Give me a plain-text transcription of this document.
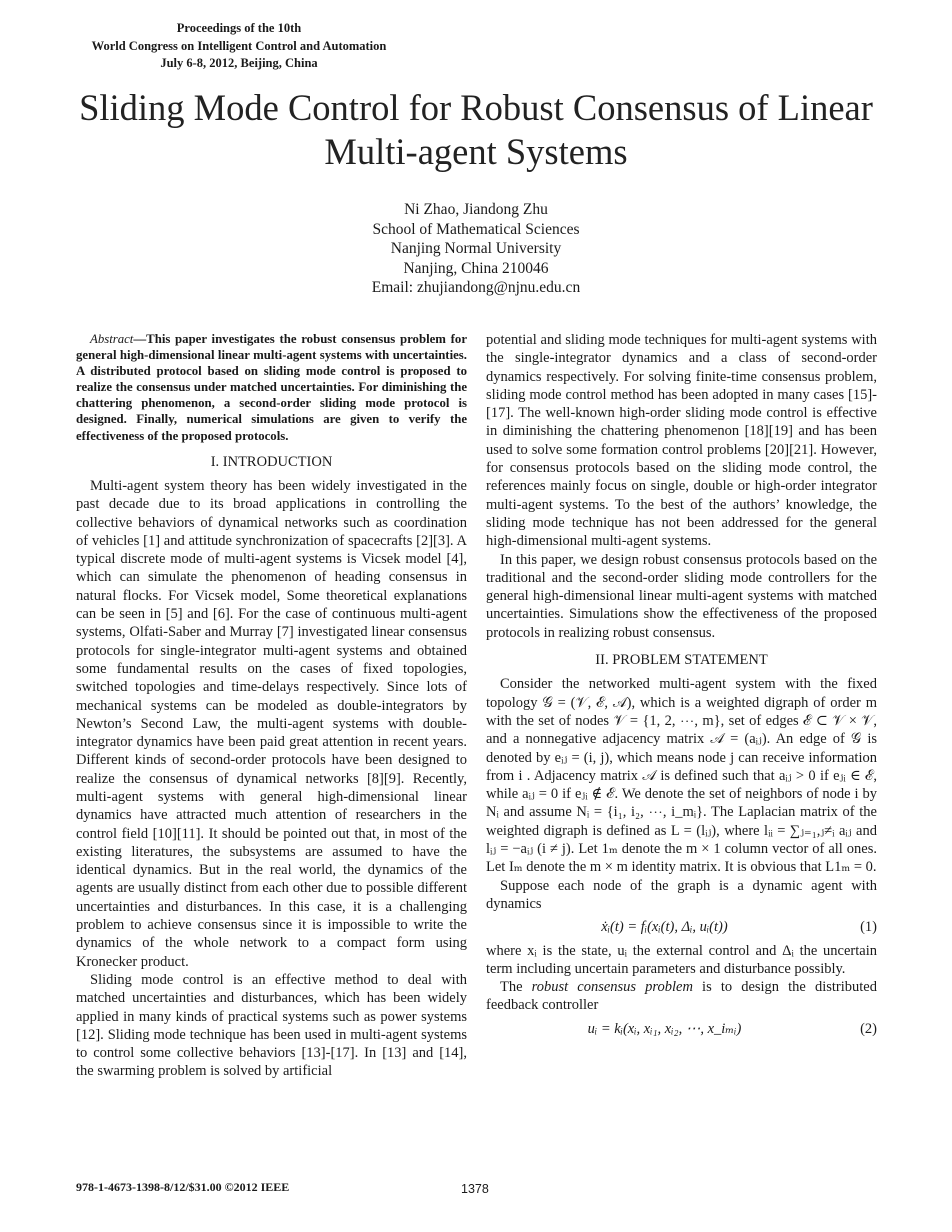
Proceedings of the 10th
World Congress on Intelligent Control and Automation
July 6-8, 2012, Beijing, China
Sliding Mode Control for Robust Consensus of Linear Multi-agent Systems
Ni Zhao, Jiandong Zhu
School of Mathematical Sciences
Nanjing Normal University
Nanjing, China 210046
Email: zhujiandong@njnu.edu.cn

Abstract—This paper investigates the robust consensus problem for general high-dimensional linear multi-agent systems with uncertainties. A distributed protocol based on sliding mode control is proposed to realize the consensus under matched uncertainties. For diminishing the chattering phenomenon, a second-order sliding mode protocol is designed. Finally, numerical simulations are given to verify the effectiveness of the proposed protocols.

I. INTRODUCTION

Multi-agent system theory has been widely investigated in the past decade due to its broad applications in controlling the collective behaviors of dynamical networks such as coordination of vehicles [1] and attitude synchronization of spacecrafts [2][3]. A typical discrete mode of multi-agent systems is Vicsek model [4], which can simulate the phenomenon of heading consensus in natural flocks. For Vicsek model, Some theoretical explanations can be seen in [5] and [6]. For the case of continuous multi-agent systems, Olfati-Saber and Murray [7] investigated linear consensus protocols for single-integrator multi-agent systems and obtained some fundamental results on the cases of fixed topologies, switched topologies and time-delays respectively. Since lots of mechanical systems can be modeled as double-integrators by Newton’s Second Law, the multi-agent systems with double-integrator dynamics have been paid great attention in recent years. Different kinds of second-order protocols have been designed to realize the consensus of dynamical networks [8][9]. Recently, multi-agent systems with general high-dimensional linear dynamics have attracted much attention of researchers in the control field [10][11]. It should be pointed out that, in most of the existing literatures, the subsystems are assumed to have the identical dynamics. But in the real world, the dynamics of the agents are usually distinct from each other due to possible different uncertainties and disturbances. In this case, it is a challenging problem to achieve consensus since it is impossible to write the dynamics of the whole network to a compact form using Kronecker product.

Sliding mode control is an effective method to deal with matched uncertainties and disturbances, which has been widely applied in many kinds of practical systems such as power systems [12]. Sliding mode technique has been used in multi-agent systems to control some collective behaviors [13]-[17]. In [13] and [14], the swarming problem is solved by artificial

potential and sliding mode techniques for multi-agent systems with the single-integrator dynamics and a class of second-order dynamics respectively. For solving finite-time consensus problem, sliding mode control method has been adopted in many cases [15]-[17]. The well-known high-order sliding mode control is effective in diminishing the chattering phenomenon [18][19] and has been used to solve some formation control problems [20][21]. However, for consensus protocols based on the sliding mode control, the references mainly focus on single, double or high-order integrator multi-agent systems. To the best of the authors’ knowledge, the sliding mode technique has not been addressed for the general high-dimensional multi-agent systems.

In this paper, we design robust consensus protocols based on the traditional and the second-order sliding mode controllers for the general high-dimensional linear multi-agent systems with matched uncertainties. Simulations show the effectiveness of the proposed protocols in realizing robust consensus.

II. PROBLEM STATEMENT

Consider the networked multi-agent system with the fixed topology 𝒢 = (𝒱, ℰ, 𝒜), which is a weighted digraph of order m with the set of nodes 𝒱 = {1, 2, ⋯, m}, set of edges ℰ ⊂ 𝒱 × 𝒱, and a nonnegative adjacency matrix 𝒜 = (aᵢⱼ). An edge of 𝒢 is denoted by eᵢⱼ = (i, j), which means node j can receive information from i . Adjacency matrix 𝒜 is defined such that aᵢⱼ > 0 if eⱼᵢ ∈ ℰ, while aᵢⱼ = 0 if eⱼᵢ ∉ ℰ. We denote the set of neighbors of node i by Nᵢ and assume Nᵢ = {i₁, i₂, ⋯, i_mᵢ}. The Laplacian matrix of the weighted digraph is defined as L = (lᵢⱼ), where lᵢᵢ = ∑ⱼ₌₁,ⱼ≠ᵢ aᵢⱼ and lᵢⱼ = −aᵢⱼ (i ≠ j). Let 1ₘ denote the m × 1 column vector of all ones. Let Iₘ denote the m × m identity matrix. It is obvious that L1ₘ = 0.

Suppose each node of the graph is a dynamic agent with dynamics

ẋᵢ(t) = fᵢ(xᵢ(t), Δᵢ, uᵢ(t))	(1)

where xᵢ is the state, uᵢ the external control and Δᵢ the uncertain term including uncertain parameters and disturbance possibly.

The robust consensus problem is to design the distributed feedback controller

uᵢ = kᵢ(xᵢ, xᵢ₁, xᵢ₂, ⋯, x_iₘᵢ)	(2)

978-1-4673-1398-8/12/$31.00 ©2012 IEEE	1378
